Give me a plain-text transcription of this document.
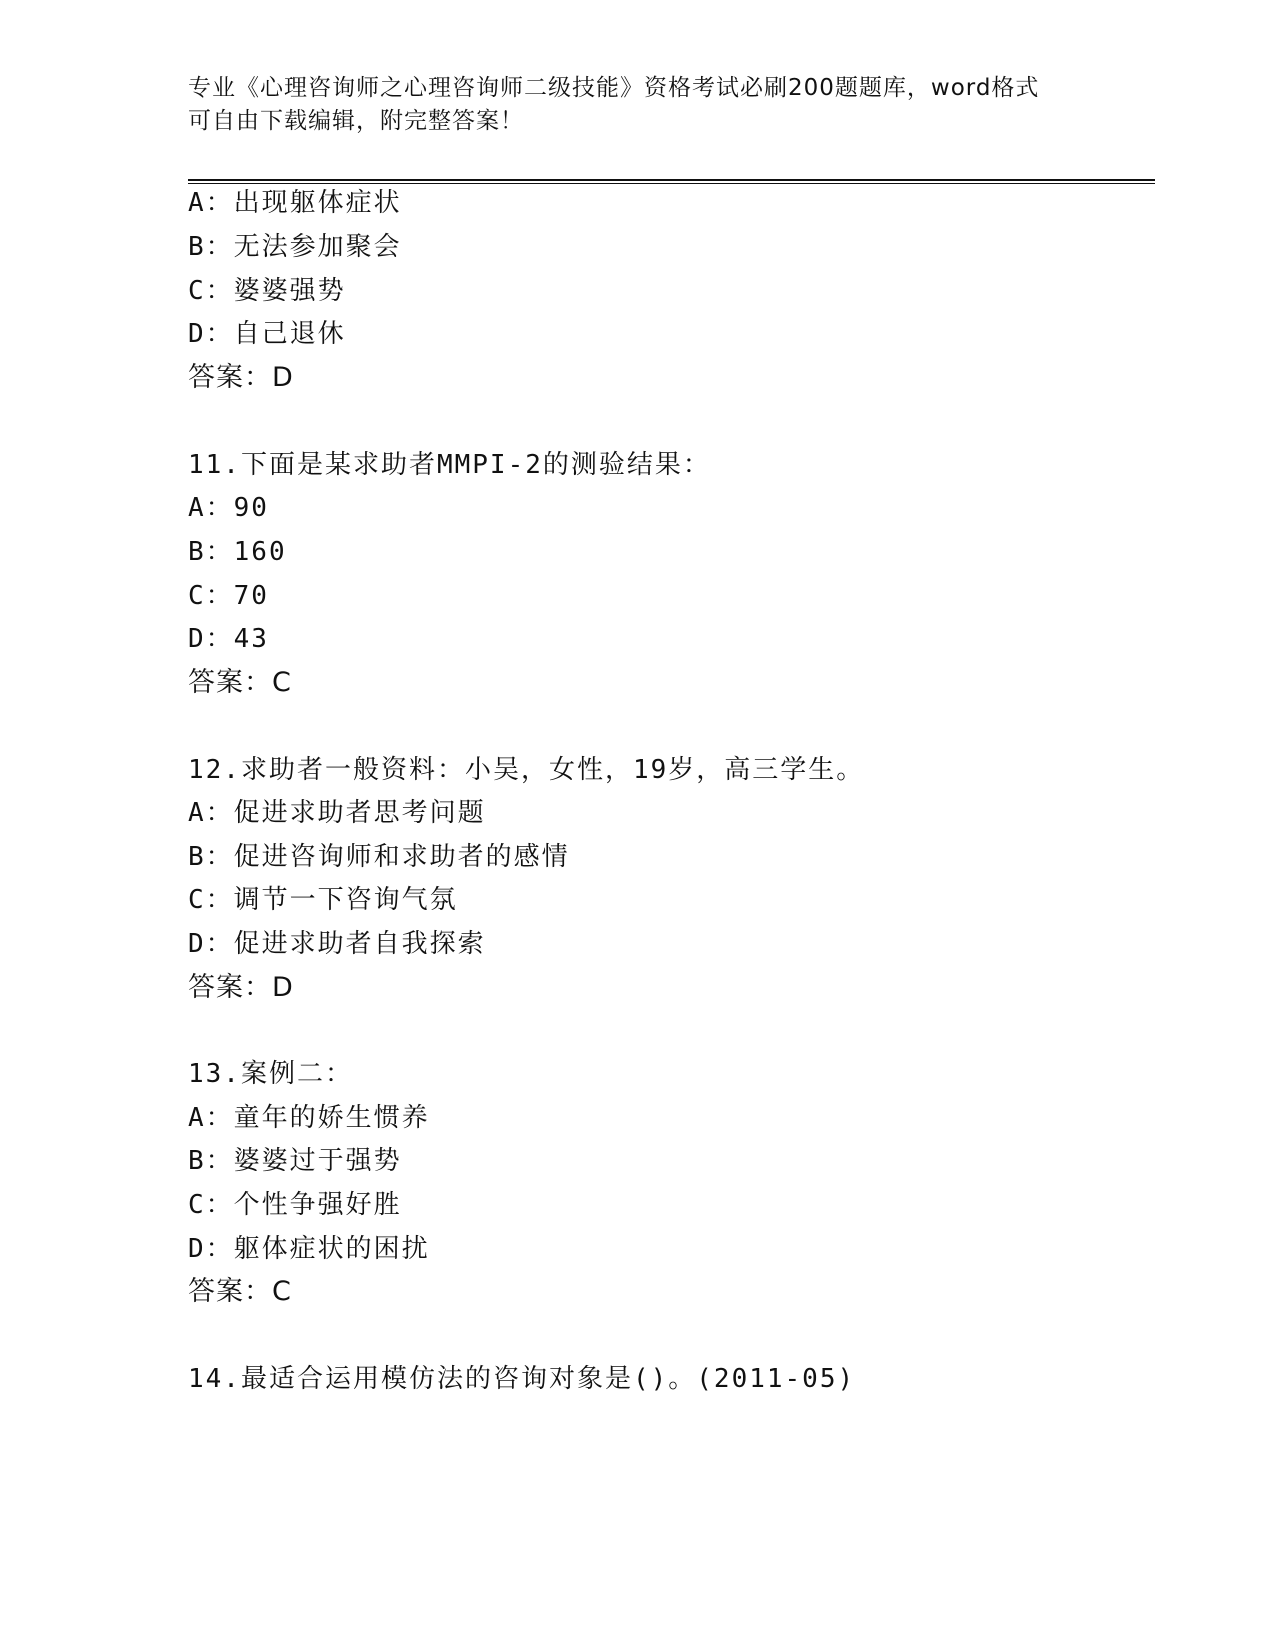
专业《心理咨询师之心理咨询师二级技能》资格考试必刷200题题库，word格式
可自由下载编辑，附完整答案！
A：出现躯体症状
B：无法参加聚会
C：婆婆强势
D：自己退休
答案：D
11.下面是某求助者MMPI-2的测验结果：
A：90
B：160
C：70
D：43
答案：C
12.求助者一般资料：小吴，女性，19岁，高三学生。
A：促进求助者思考问题
B：促进咨询师和求助者的感情
C：调节一下咨询气氛
D：促进求助者自我探索
答案：D
13.案例二：
A：童年的娇生惯养
B：婆婆过于强势
C：个性争强好胜
D：躯体症状的困扰
答案：C
14.最适合运用模仿法的咨询对象是()。(2011-05)
